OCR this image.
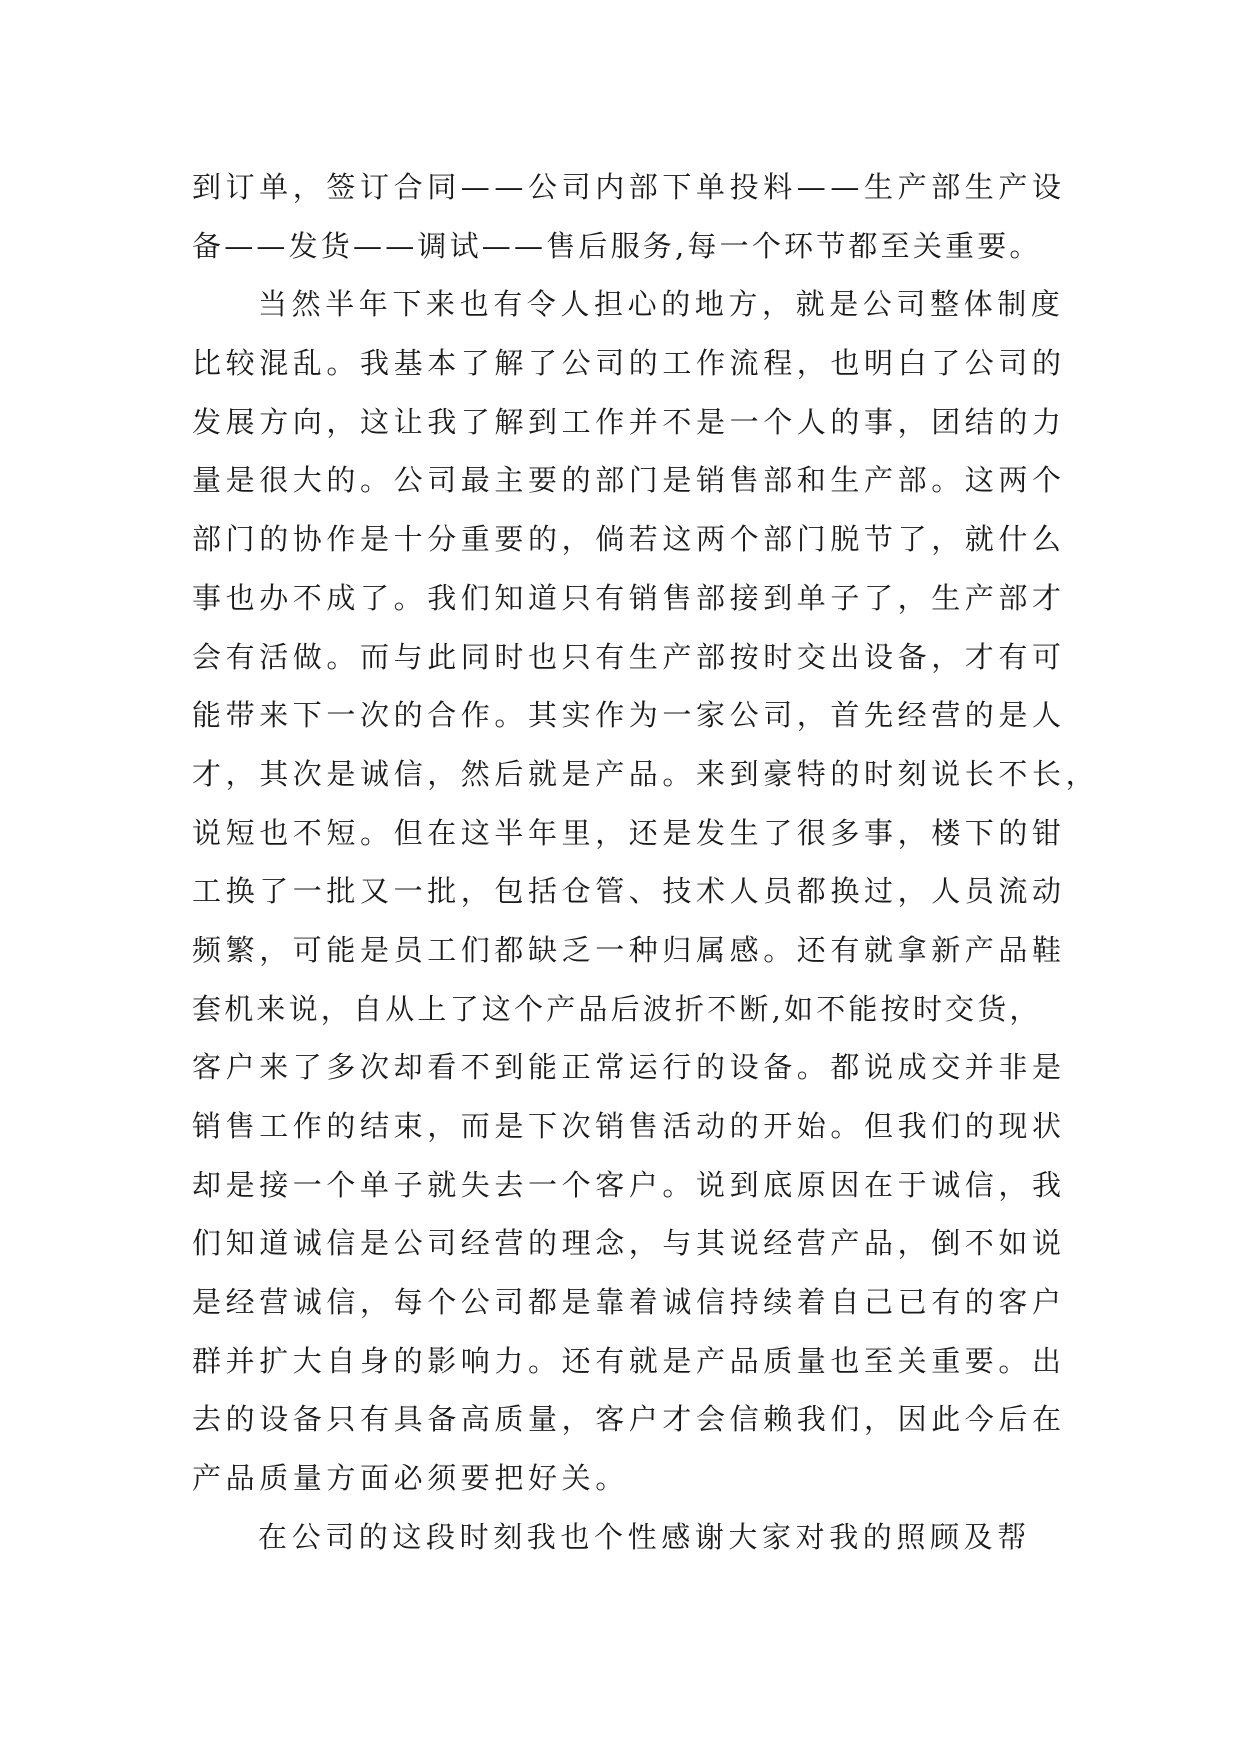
到订单，签订合同——公司内部下单投料——生产部生产设
备——发货——调试——售后服务,每一个环节都至关重要。
当然半年下来也有令人担心的地方，就是公司整体制度
比较混乱。我基本了解了公司的工作流程，也明白了公司的
发展方向，这让我了解到工作并不是一个人的事，团结的力
量是很大的。公司最主要的部门是销售部和生产部。这两个
部门的协作是十分重要的，倘若这两个部门脱节了，就什么
事也办不成了。我们知道只有销售部接到单子了，生产部才
会有活做。而与此同时也只有生产部按时交出设备，才有可
能带来下一次的合作。其实作为一家公司，首先经营的是人
才，其次是诚信，然后就是产品。来到豪特的时刻说长不长，
说短也不短。但在这半年里，还是发生了很多事，楼下的钳
工换了一批又一批，包括仓管、技术人员都换过，人员流动
频繁，可能是员工们都缺乏一种归属感。还有就拿新产品鞋
套机来说，自从上了这个产品后波折不断,如不能按时交货，
客户来了多次却看不到能正常运行的设备。都说成交并非是
销售工作的结束，而是下次销售活动的开始。但我们的现状
却是接一个单子就失去一个客户。说到底原因在于诚信，我
们知道诚信是公司经营的理念，与其说经营产品，倒不如说
是经营诚信，每个公司都是靠着诚信持续着自己已有的客户
群并扩大自身的影响力。还有就是产品质量也至关重要。出
去的设备只有具备高质量，客户才会信赖我们，因此今后在
产品质量方面必须要把好关。
在公司的这段时刻我也个性感谢大家对我的照顾及帮
